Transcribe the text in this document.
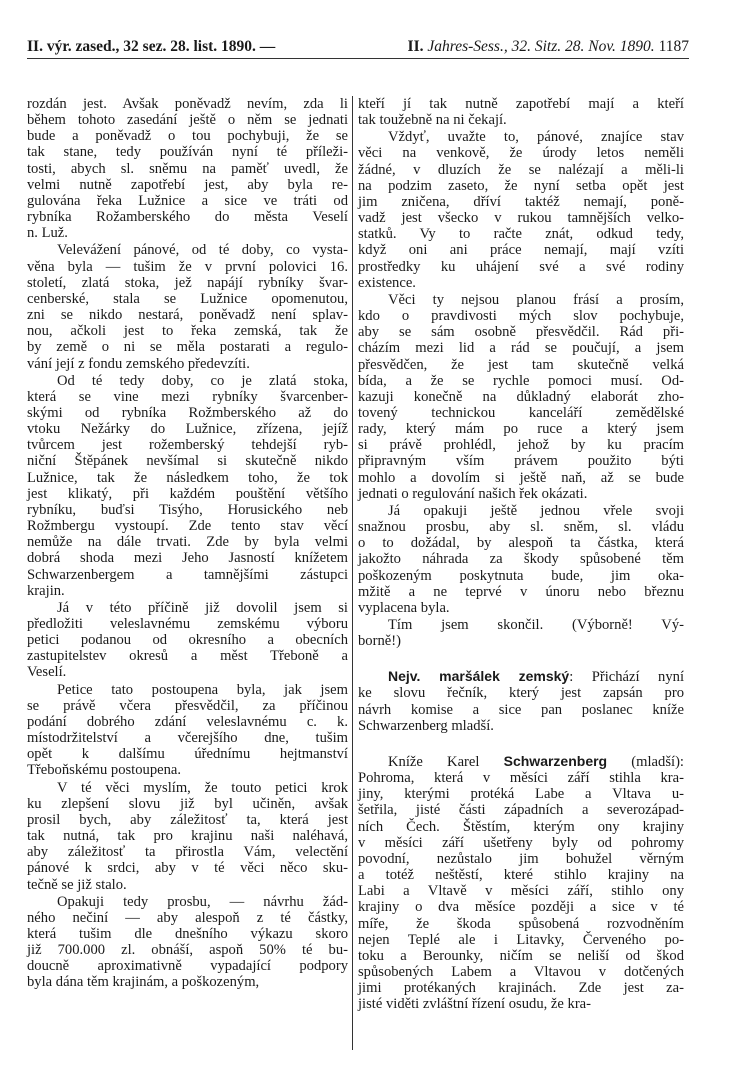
II. výr. zased., 32 sez. 28. list. 1890. —	II. Jahres-Sess., 32. Sitz. 28. Nov. 1890. 1187
rozdán jest. Avšak poněvadž nevím, zda li
během tohoto zasedání ještě o něm se jednati
bude a poněvadž o tou pochybuji, že se
tak stane, tedy používán nyní té příleži-
tosti, abych sl. sněmu na paměť uvedl, že
velmi nutně zapotřebí jest, aby byla re-
gulována řeka Lužnice a sice ve tráti od
rybníka Rožamberského do města Veselí
n. Luž.
Velevážení pánové, od té doby, co vysta-
věna byla — tušim že v první polovici 16.
století, zlatá stoka, jež napájí rybníky švar-
cenberské, stala se Lužnice opomenutou,
zni se nikdo nestará, poněvadž není splav-
nou, ačkoli jest to řeka zemská, tak že
by země o ni se měla postarati a regulo-
vání její z fondu zemského předevzíti.
Od té tedy doby, co je zlatá stoka,
která se vine mezi rybníky švarcenber-
skými od rybníka Rožmberského až do
vtoku Nežárky do Lužnice, zřízena, jejíž
tvůrcem jest rožemberský tehdejší ryb-
niční Štěpánek nevšímal si skutečně nikdo
Lužnice, tak že následkem toho, že tok
jest klikatý, při každém pouštění většího
rybníku, buďsi Tisýho, Horusického neb
Rožmbergu vystoupí. Zde tento stav věcí
nemůže na dále trvati. Zde by byla velmi
dobrá shoda mezi Jeho Jasností knížetem
Schwarzenbergem a tamnějšími zástupci
krajin.
Já v této příčině již dovolil jsem si
předložiti veleslavnému zemskému výboru
petici podanou od okresního a obecních
zastupitelstev okresů a měst Třeboně a
Veselí.
Petice tato postoupena byla, jak jsem
se právě včera přesvědčil, za příčinou
podání dobrého zdání veleslavnému c. k.
místodržitelství a včerejšího dne, tušim
opět k dalšímu úřednímu hejtmanství
Třeboňskému postoupena.
V té věci myslím, že touto petici krok
ku zlepšení slovu již byl učiněn, avšak
prosil bych, aby záležitosť ta, která jest
tak nutná, tak pro krajinu naši naléhavá,
aby záležitosť ta přirostla Vám, velectění
pánové k srdci, aby v té věci něco sku-
tečně se již stalo.
Opakuji tedy prosbu, — návrhu žád-
ného nečiní — aby alespoň z té částky,
která tušim dle dnešního výkazu skoro
již 700.000 zl. obnáší, aspoň 50% té bu-
doucně aproximativně vypadající podpory
byla dána těm krajinám, a poškozeným,
kteří jí tak nutně zapotřebí mají a kteří
tak toužebně na ni čekají.
Vždyť, uvažte to, pánové, znajíce stav
věci na venkově, že úrody letos neměli
žádné, v dluzích že se nalézají a měli-li
na podzim zaseto, že nyní setba opět jest
jim zničena, dříví taktéž nemají, poně-
vadž jest všecko v rukou tamnějších velko-
statků. Vy to račte znát, odkud tedy,
když oni ani práce nemají, mají vzíti
prostředky ku uhájení své a své rodiny
existence.
Věci ty nejsou planou frásí a prosím,
kdo o pravdivosti mých slov pochybuje,
aby se sám osobně přesvědčil. Rád při-
cházím mezi lid a rád se poučují, a jsem
přesvědčen, že jest tam skutečně velká
bída, a že se rychle pomoci musí. Od-
kazuji konečně na důkladný elaborát zho-
tovený technickou kanceláří zemědělské
rady, který mám po ruce a který jsem
si právě prohlédl, jehož by ku pracím
připravným vším právem použito býti
mohlo a dovolím si ještě naň, až se bude
jednati o regulování našich řek okázati.
Já opakuji ještě jednou vřele svoji
snažnou prosbu, aby sl. sněm, sl. vládu
o to dožádal, by alespoň ta částka, která
jakožto náhrada za škody spůsobené těm
poškozeným poskytnuta bude, jim oka-
mžitě a ne teprvé v únoru nebo březnu
vyplacena byla.
Tím jsem skončil. (Výborně! Vý-
borně!)
Nejv. maršálek zemský: Přichází nyní
ke slovu řečník, který jest zapsán pro
návrh komise a sice pan poslanec kníže
Schwarzenberg mladší.
Kníže Karel Schwarzenberg (mladší):
Pohroma, která v měsíci září stihla kra-
jiny, kterými protéká Labe a Vltava u-
šetřila, jisté části západních a severozápad-
ních Čech. Štěstím, kterým ony krajiny
v měsíci září ušetřeny byly od pohromy
povodní, nezůstalo jim bohužel věrným
a totéž neštěstí, které stihlo krajiny na
Labi a Vltavě v měsíci září, stihlo ony
krajiny o dva měsíce později a sice v té
míře, že škoda spůsobená rozvodněním
nejen Teplé ale i Litavky, Červeného po-
toku a Berounky, ničím se neliší od škod
spůsobených Labem a Vltavou v dotčených
jimi protékaných krajinách. Zde jest za-
jisté viděti zvláštní řízení osudu, že kra-
